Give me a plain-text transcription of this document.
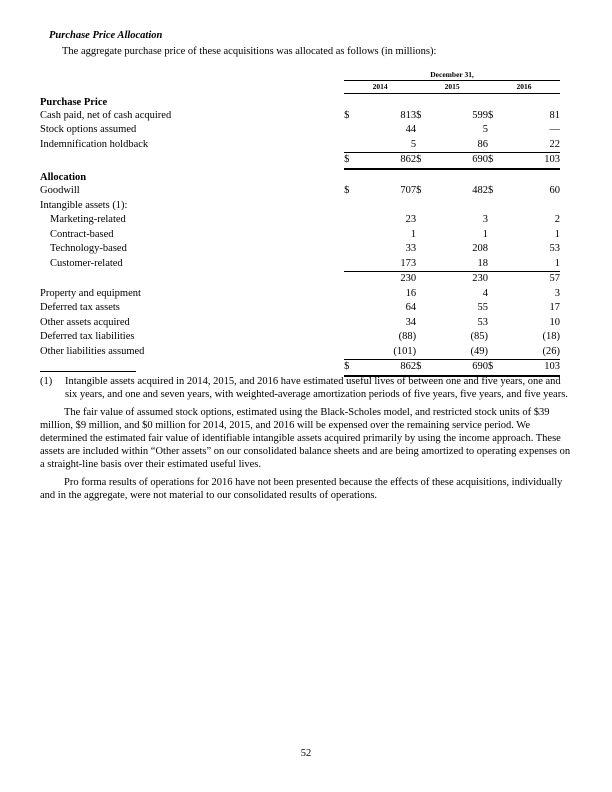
Purchase Price Allocation
The aggregate purchase price of these acquisitions was allocated as follows (in millions):
		December 31,					
		2014		2015		2016	
Purchase Price							
Cash paid, net of cash acquired		$	813		$	599		$	81
Stock options assumed			44			5			—
Indemnification holdback			5			86			22
		$	862		$	690		$	103
Allocation							
Goodwill		$	707		$	482		$	60
Intangible assets (1):									
Marketing-related			23			3			2
Contract-based			1			1			1
Technology-based			33			208			53
Customer-related			173			18			1
			230			230			57
Property and equipment			16			4			3
Deferred tax assets			64			55			17
Other assets acquired			34			53			10
Deferred tax liabilities			(88)			(85)			(18)
Other liabilities assumed			(101)			(49)			(26)
		$	862		$	690		$	103
(1) Intangible assets acquired in 2014, 2015, and 2016 have estimated useful lives of between one and five years, one and six years, and one and seven years, with weighted-average amortization periods of five years, five years, and five years.
The fair value of assumed stock options, estimated using the Black-Scholes model, and restricted stock units of $39 million, $9 million, and $0 million for 2014, 2015, and 2016 will be expensed over the remaining service period. We determined the estimated fair value of identifiable intangible assets acquired primarily by using the income approach. These assets are included within “Other assets” on our consolidated balance sheets and are being amortized to operating expenses on a straight-line basis over their estimated useful lives.
Pro forma results of operations for 2016 have not been presented because the effects of these acquisitions, individually and in the aggregate, were not material to our consolidated results of operations.
52
